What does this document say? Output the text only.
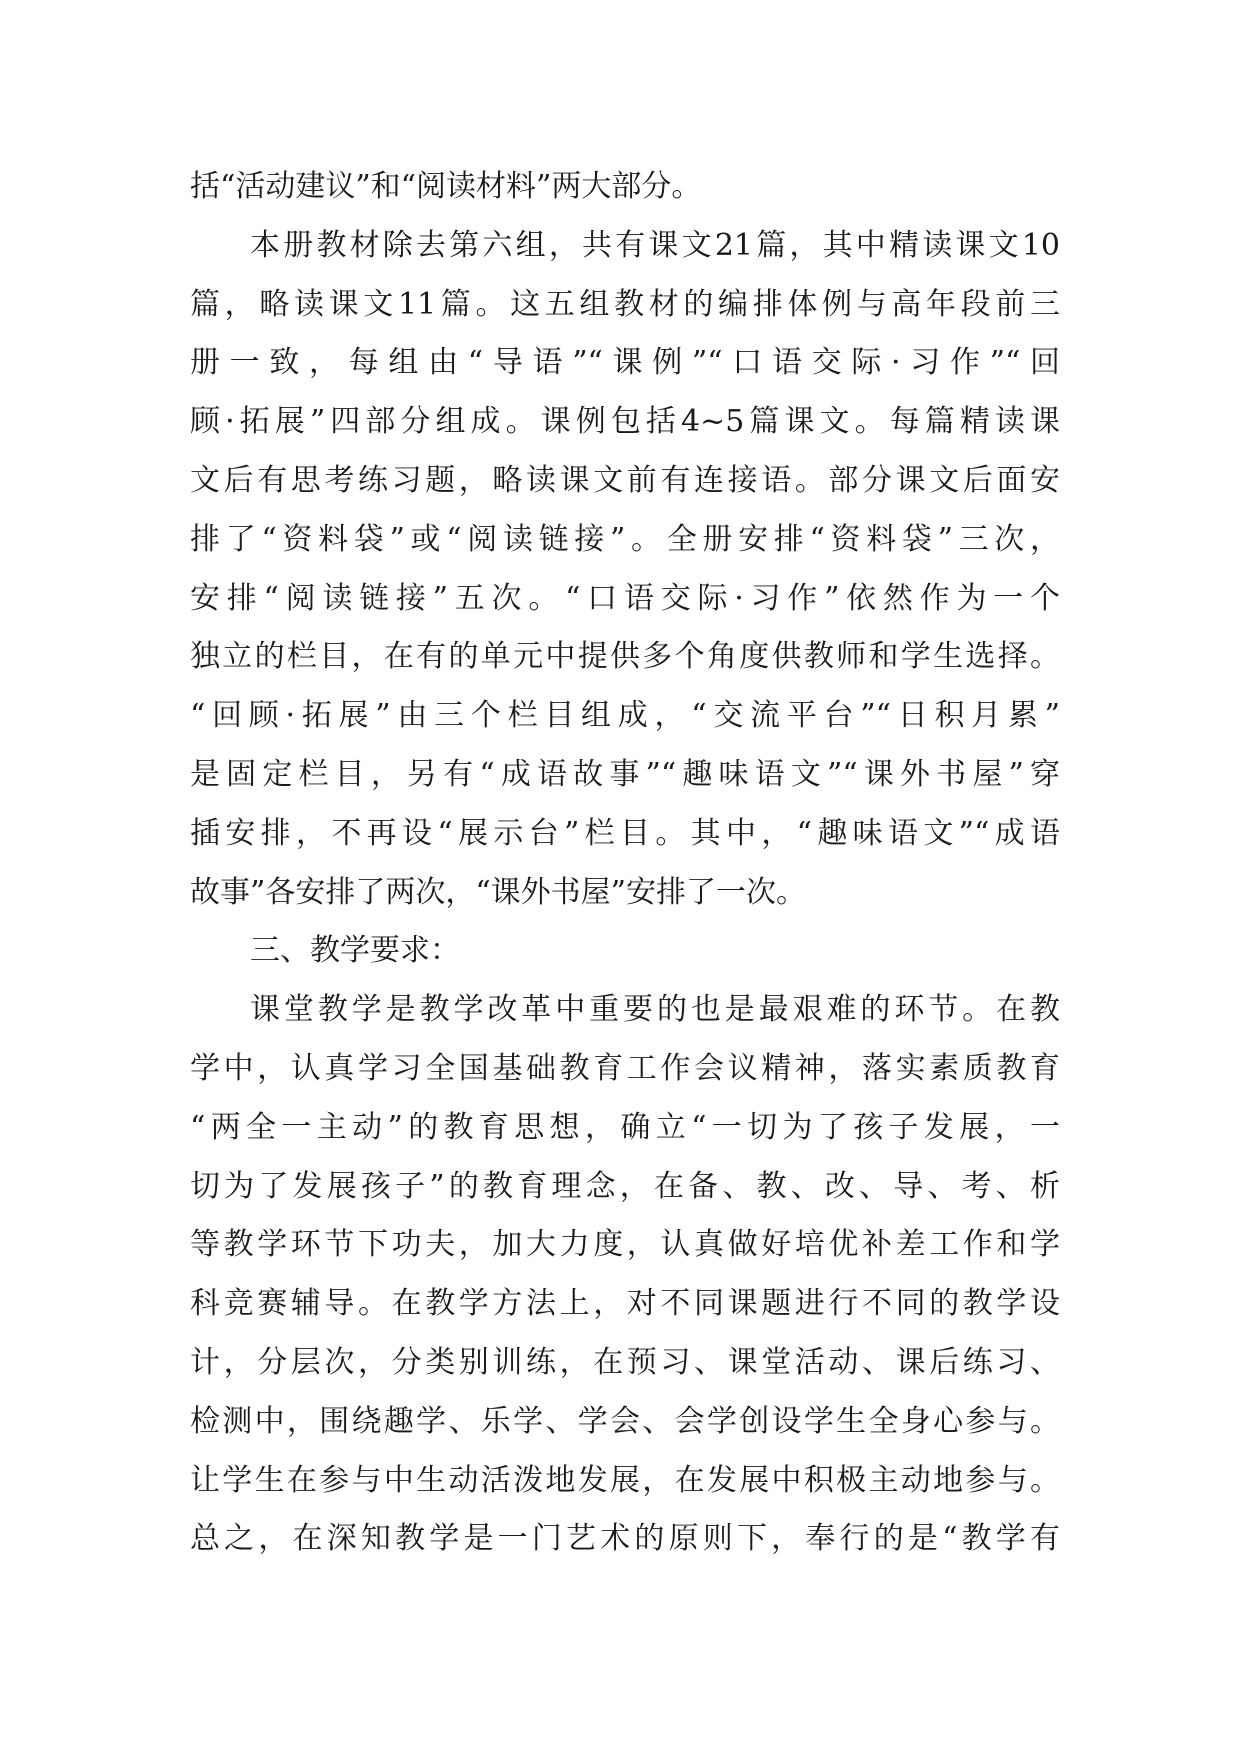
括“活动建议”和“阅读材料”两大部分。
本册教材除去第六组，共有课文21篇，其中精读课文10
篇，略读课文11篇。这五组教材的编排体例与高年段前三
册一致，每组由“导语”“课例”“口语交际·习作”“回
顾·拓展”四部分组成。课例包括4~5篇课文。每篇精读课
文后有思考练习题，略读课文前有连接语。部分课文后面安
排了“资料袋”或“阅读链接”。全册安排“资料袋”三次，
安排“阅读链接”五次。“口语交际·习作”依然作为一个
独立的栏目，在有的单元中提供多个角度供教师和学生选择。
“回顾·拓展”由三个栏目组成，“交流平台”“日积月累”
是固定栏目，另有“成语故事”“趣味语文”“课外书屋”穿
插安排，不再设“展示台”栏目。其中，“趣味语文”“成语
故事”各安排了两次，“课外书屋”安排了一次。
三、教学要求：
课堂教学是教学改革中重要的也是最艰难的环节。在教
学中，认真学习全国基础教育工作会议精神，落实素质教育
“两全一主动”的教育思想，确立“一切为了孩子发展，一
切为了发展孩子”的教育理念，在备、教、改、导、考、析
等教学环节下功夫，加大力度，认真做好培优补差工作和学
科竞赛辅导。在教学方法上，对不同课题进行不同的教学设
计，分层次，分类别训练，在预习、课堂活动、课后练习、
检测中，围绕趣学、乐学、学会、会学创设学生全身心参与。
让学生在参与中生动活泼地发展，在发展中积极主动地参与。
总之，在深知教学是一门艺术的原则下，奉行的是“教学有
